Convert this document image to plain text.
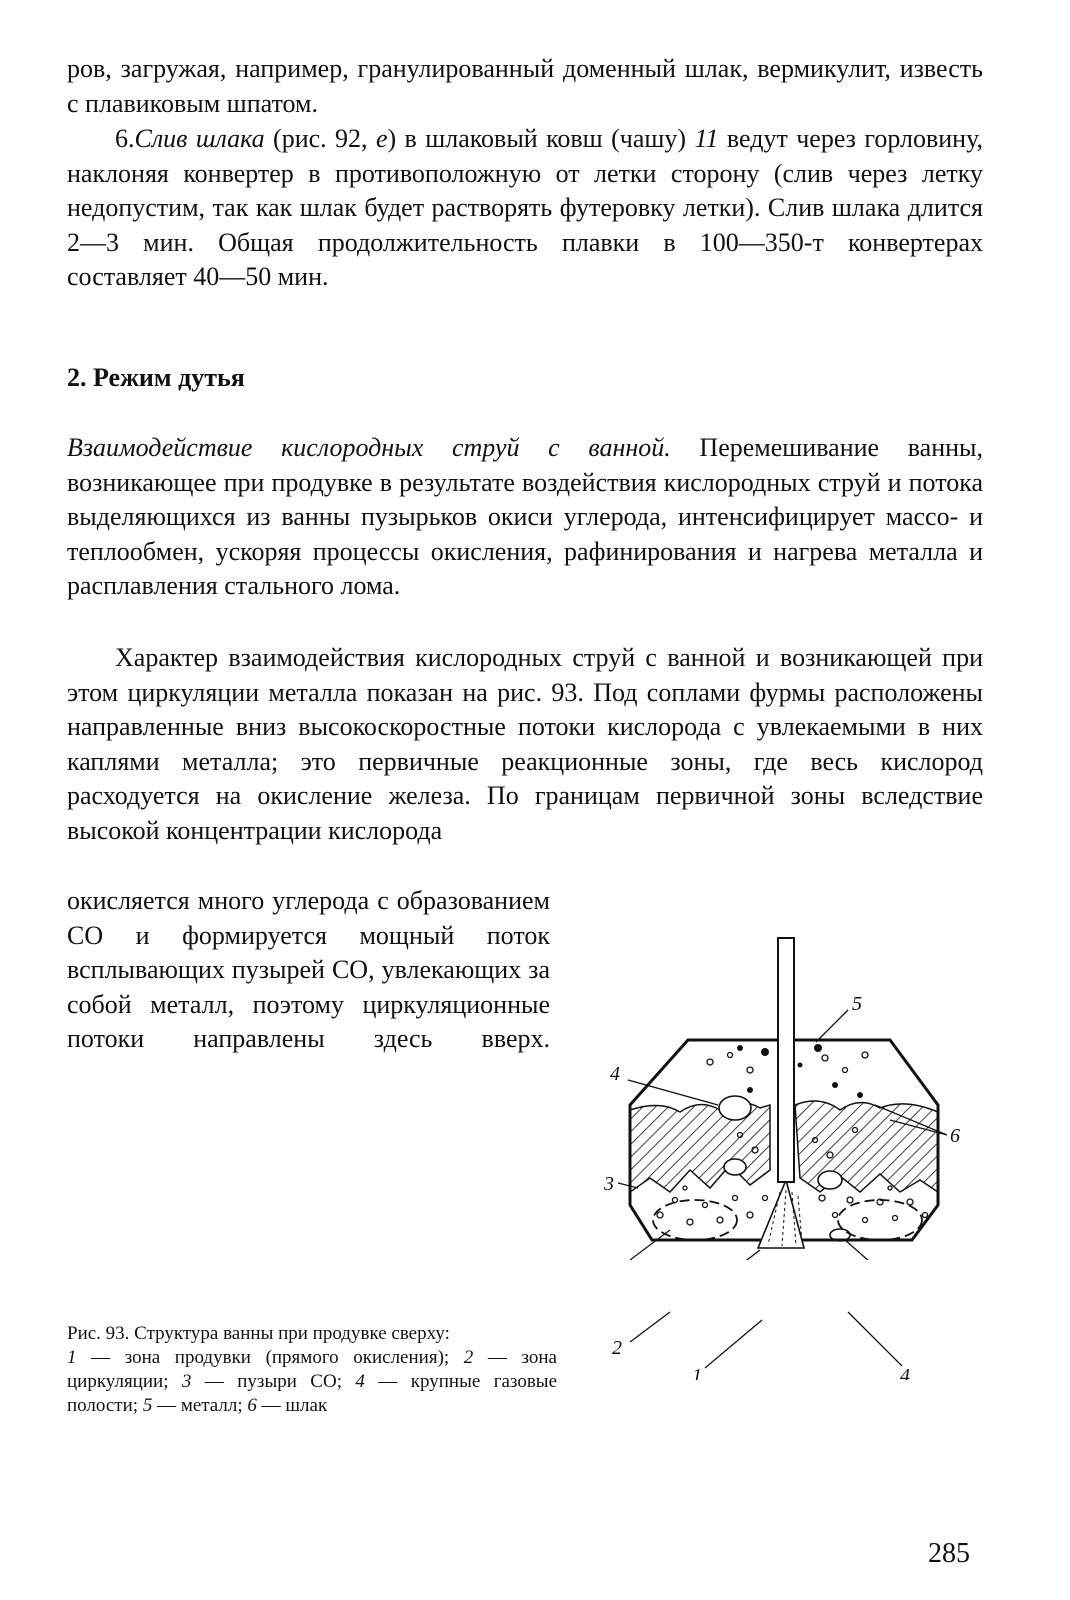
ров, загружая, например, гранулированный доменный шлак, вермикулит, известь с плавиковым шпатом.

6.Слив шлака (рис. 92, е) в шлаковый ковш (чашу) 11 ведут через горловину, наклоняя конвертер в противоположную от летки сторону (слив через летку недопустим, так как шлак будет растворять футеровку летки). Слив шлака длится 2—3 мин. Общая продолжительность плавки в 100—350-т конвертерах составляет 40—50 мин.

2. Режим дутья

Взаимодействие кислородных струй с ванной. Перемешивание ванны, возникающее при продувке в результате воздействия кислородных струй и потока выделяющихся из ванны пузырьков окиси углерода, интенсифицирует массо- и теплообмен, ускоряя процессы окисления, рафинирования и нагрева металла и расплавления стального лома.

Характер взаимодействия кислородных струй с ванной и возникающей при этом циркуляции металла показан на рис. 93. Под соплами фурмы расположены направленные вниз высокоскоростные потоки кислорода с увлекаемыми в них каплями металла; это первичные реакционные зоны, где весь кислород расходуется на окисление железа. По границам первичной зоны вследствие высокой концентрации кислорода

окисляется много углерода с образованием СО и формируется мощный поток всплывающих пузырей СО, увлекающих за собой металл, поэтому циркуляционные потоки направлены здесь вверх.

Рис. 93. Структура ванны при продувке сверху:

1 — зона продувки (прямого окисления); 2 — зона циркуляции; 3 — пузыри СО; 4 — крупные газовые полости; 5 — металл; 6 — шлак

4
5
6
3
2
1	4
285
